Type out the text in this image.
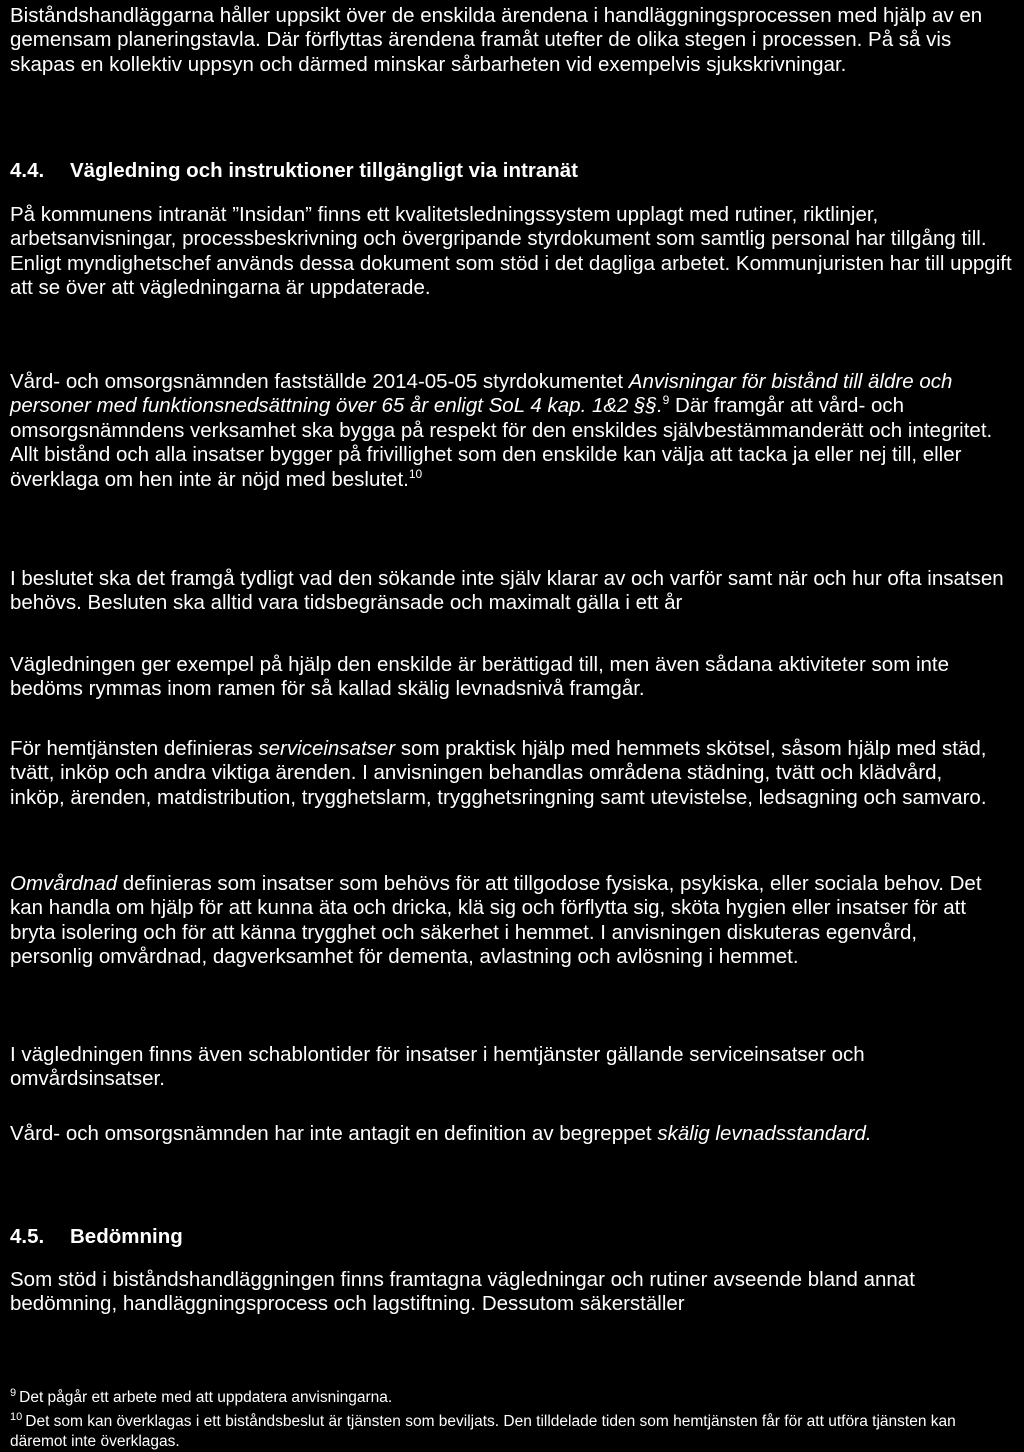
Biståndshandläggarna håller uppsikt över de enskilda ärendena i handläggningsprocessen med hjälp av en gemensam planeringstavla. Där förflyttas ärendena framåt utefter de olika stegen i processen. På så vis skapas en kollektiv uppsyn och därmed minskar sårbarheten vid exempelvis sjukskrivningar.

4.4. Vägledning och instruktioner tillgängligt via intranät

På kommunens intranät ”Insidan” finns ett kvalitetsledningssystem upplagt med rutiner, riktlinjer, arbetsanvisningar, processbeskrivning och övergripande styrdokument som samtlig personal har tillgång till. Enligt myndighetschef används dessa dokument som stöd i det dagliga arbetet. Kommunjuristen har till uppgift att se över att vägledningarna är uppdaterade.

Vård- och omsorgsnämnden fastställde 2014-05-05 styrdokumentet Anvisningar för bistånd till äldre och personer med funktionsnedsättning över 65 år enligt SoL 4 kap. 1&2 §§.$^9$ Där framgår att vård- och omsorgsnämndens verksamhet ska bygga på respekt för den enskildes självbestämmanderätt och integritet. Allt bistånd och alla insatser bygger på frivillighet som den enskilde kan välja att tacka ja eller nej till, eller överklaga om hen inte är nöjd med beslutet.$^{10}$

I beslutet ska det framgå tydligt vad den sökande inte själv klarar av och varför samt när och hur ofta insatsen behövs. Besluten ska alltid vara tidsbegränsade och maximalt gälla i ett år

Vägledningen ger exempel på hjälp den enskilde är berättigad till, men även sådana aktiviteter som inte bedöms rymmas inom ramen för så kallad skälig levnadsnivå framgår.

För hemtjänsten definieras serviceinsatser som praktisk hjälp med hemmets skötsel, såsom hjälp med städ, tvätt, inköp och andra viktiga ärenden. I anvisningen behandlas områdena städning, tvätt och klädvård, inköp, ärenden, matdistribution, trygghetslarm, trygghetsringning samt utevistelse, ledsagning och samvaro.

Omvårdnad definieras som insatser som behövs för att tillgodose fysiska, psykiska, eller sociala behov. Det kan handla om hjälp för att kunna äta och dricka, klä sig och förflytta sig, sköta hygien eller insatser för att bryta isolering och för att känna trygghet och säkerhet i hemmet. I anvisningen diskuteras egenvård, personlig omvårdnad, dagverksamhet för dementa, avlastning och avlösning i hemmet.

I vägledningen finns även schablontider för insatser i hemtjänster gällande serviceinsatser och omvårdsinsatser.

Vård- och omsorgsnämnden har inte antagit en definition av begreppet skälig levnadsstandard.

4.5. Bedömning

Som stöd i biståndshandläggningen finns framtagna vägledningar och rutiner avseende bland annat bedömning, handläggningsprocess och lagstiftning. Dessutom säkerställer

$^9$ Det pågår ett arbete med att uppdatera anvisningarna.
$^{10}$ Det som kan överklagas i ett biståndsbeslut är tjänsten som beviljats. Den tilldelade tiden som hemtjänsten får för att utföra tjänsten kan däremot inte överklagas.
